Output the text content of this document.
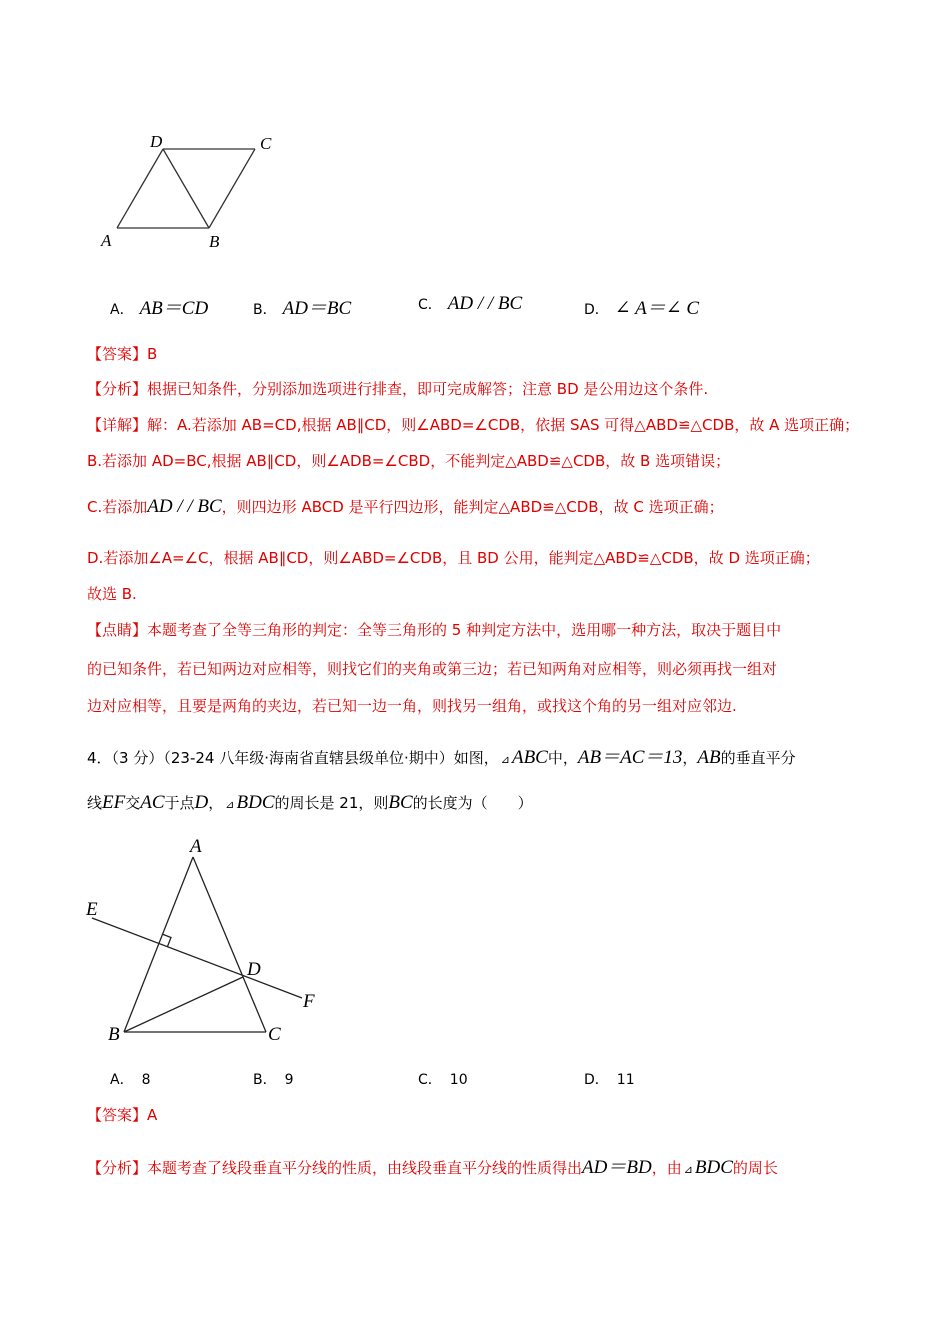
D	C
A	B
A． AB＝CD	B． AD＝BC	C． AD / / BC	D． ∠ A＝∠ C
【答案】B
【分析】根据已知条件，分别添加选项进行排查，即可完成解答；注意 BD 是公用边这个条件.
【详解】解：A.若添加 AB=CD,根据 AB∥CD，则∠ABD=∠CDB，依据 SAS 可得△ABD≌△CDB，故 A 选项正确；
B.若添加 AD=BC,根据 AB∥CD，则∠ADB=∠CBD，不能判定△ABD≌△CDB，故 B 选项错误；
C.若添加AD / / BC，则四边形 ABCD 是平行四边形，能判定△ABD≌△CDB，故 C 选项正确；
D.若添加∠A=∠C，根据 AB∥CD，则∠ABD=∠CDB，且 BD 公用，能判定△ABD≌△CDB，故 D 选项正确；
故选 B.
【点睛】本题考查了全等三角形的判定：全等三角形的 5 种判定方法中，选用哪一种方法，取决于题目中
的已知条件，若已知两边对应相等，则找它们的夹角或第三边；若已知两角对应相等，则必须再找一组对
边对应相等，且要是两角的夹边，若已知一边一角，则找另一组角，或找这个角的另一组对应邻边.
4．（3 分）（23-24 八年级·海南省直辖县级单位·期中）如图， ⊿ ABC中，AB＝AC＝13，AB的垂直平分
线EF交AC于点D， ⊿ BDC的周长是 21，则BC的长度为（　　）
A
E
D
F
B	C
A． 8	B． 9	C． 10	D． 11
【答案】A
【分析】本题考查了线段垂直平分线的性质，由线段垂直平分线的性质得出AD＝BD，由 ⊿ BDC的周长
